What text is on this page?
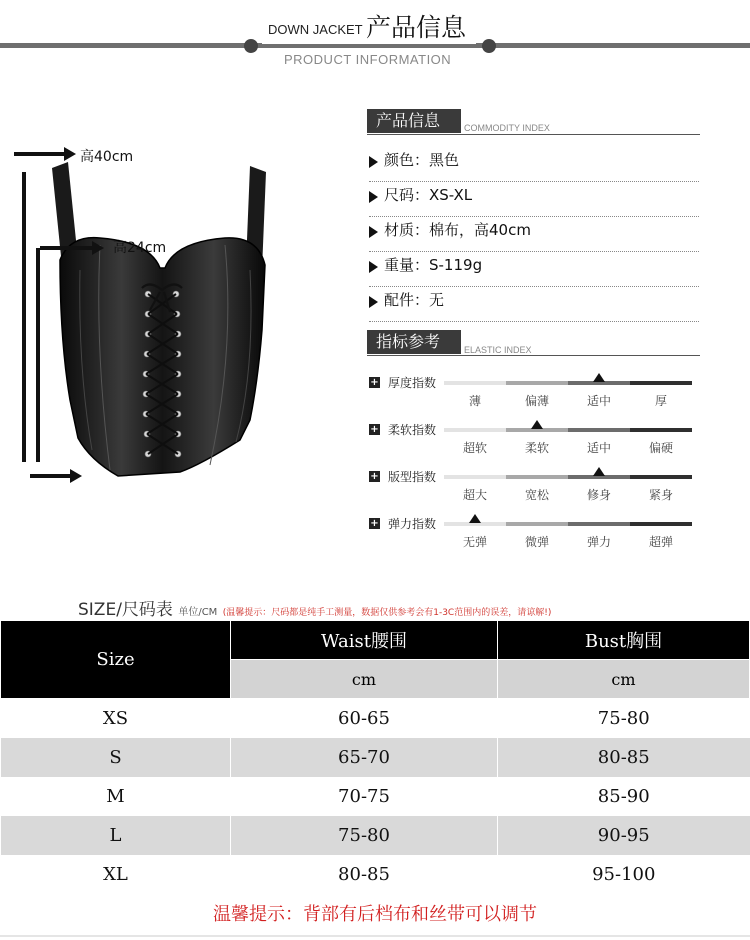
DOWN JACKET 产品信息
PRODUCT INFORMATION
高40cm
高24cm
产品信息	COMMODITY INDEX
颜色：黑色
尺码：XS-XL
材质：棉布，高40cm
重量：S-119g
配件：无
指标参考	ELASTIC INDEX
+ 厚度指数
薄	偏薄	适中	厚
+ 柔软指数
超软	柔软	适中	偏硬
+ 版型指数
超大	宽松	修身	紧身
+ 弹力指数
无弹	微弹	弹力	超弹
SIZE/尺码表 单位/CM (温馨提示：尺码都是纯手工测量，数据仅供参考会有1-3C范围内的误差，请谅解!)
Size	Waist腰围	Bust胸围
	cm	cm
XS	60-65	75-80
S	65-70	80-85
M	70-75	85-90
L	75-80	90-95
XL	80-85	95-100
温馨提示：背部有后档布和丝带可以调节
